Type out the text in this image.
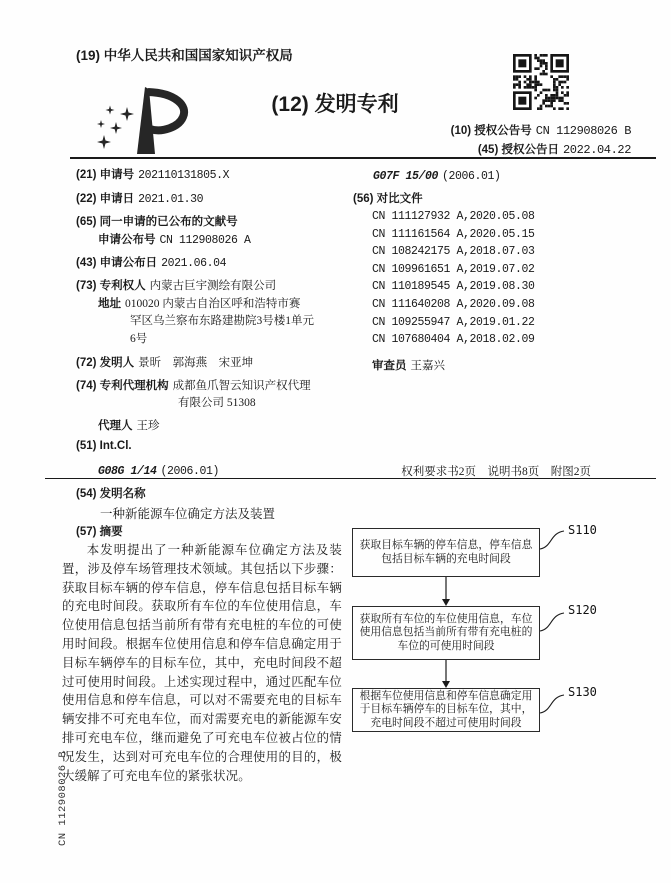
(19) 中华人民共和国国家知识产权局
(12) 发明专利
(10) 授权公告号 CN 112908026 B
(45) 授权公告日 2022.04.22
(21) 申请号 202110131805.X
(22) 申请日 2021.01.30
(65) 同一申请的已公布的文献号
申请公布号 CN 112908026 A
(43) 申请公布日 2021.06.04
(73) 专利权人 内蒙古巨宇测绘有限公司
地址 010020 内蒙古自治区呼和浩特市赛
罕区乌兰察布东路建勘院3号楼1单元
6号
(72) 发明人 景昕　郭海燕　宋亚坤
(74) 专利代理机构 成都鱼爪智云知识产权代理
有限公司 51308
代理人 王珍
(51) Int.Cl.
G08G 1/14 (2006.01)
G07F 15/00 (2006.01)
(56) 对比文件
CN 111127932 A,2020.05.08
CN 111161564 A,2020.05.15
CN 108242175 A,2018.07.03
CN 109961651 A,2019.07.02
CN 110189545 A,2019.08.30
CN 111640208 A,2020.09.08
CN 109255947 A,2019.01.22
CN 107680404 A,2018.02.09
审查员 王嘉兴
权利要求书2页　说明书8页　附图2页
(54) 发明名称
一种新能源车位确定方法及装置
(57) 摘要
本发明提出了一种新能源车位确定方法及装置，涉及停车场管理技术领域。其包括以下步骤：获取目标车辆的停车信息，停车信息包括目标车辆的充电时间段。获取所有车位的车位使用信息，车位使用信息包括当前所有带有充电桩的车位的可使用时间段。根据车位使用信息和停车信息确定用于目标车辆停车的目标车位，其中，充电时间段不超过可使用时间段。上述实现过程中，通过匹配车位使用信息和停车信息，可以对不需要充电的目标车辆安排不可充电车位，而对需要充电的新能源车安排可充电车位，继而避免了可充电车位被占位的情况发生，达到对可充电车位的合理使用的目的，极大缓解了可充电车位的紧张状况。
获取目标车辆的停车信息，停车信息包括目标车辆的充电时间段
获取所有车位的车位使用信息，车位使用信息包括当前所有带有充电桩的车位的可使用时间段
根据车位使用信息和停车信息确定用于目标车辆停车的目标车位，其中，充电时间段不超过可使用时间段
S110
S120
S130
CN 112908026 B
